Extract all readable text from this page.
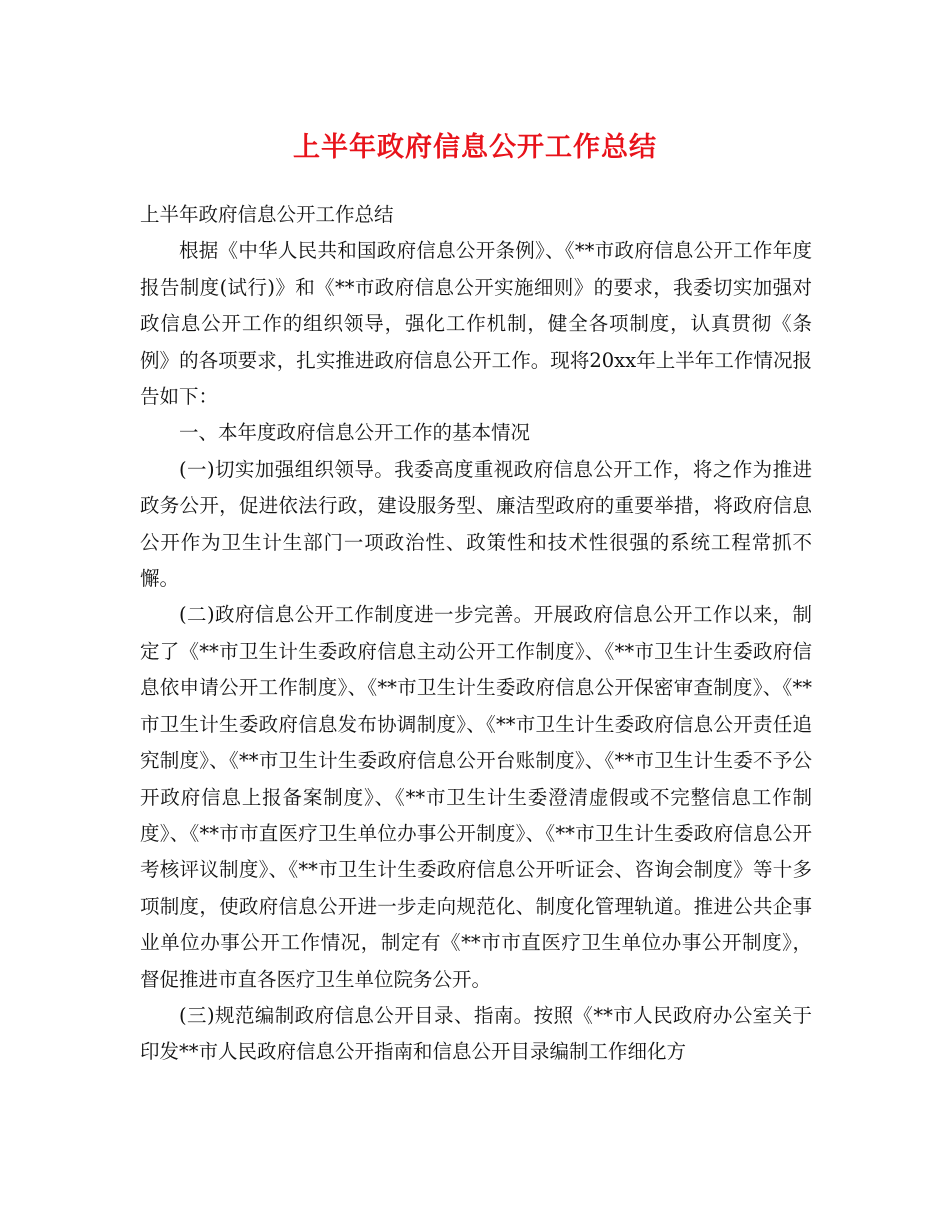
上半年政府信息公开工作总结

上半年政府信息公开工作总结

根据《中华人民共和国政府信息公开条例》、《**市政府信息公开工作年度报告制度(试行)》和《**市政府信息公开实施细则》的要求，我委切实加强对政信息公开工作的组织领导，强化工作机制，健全各项制度，认真贯彻《条例》的各项要求，扎实推进政府信息公开工作。现将20xx年上半年工作情况报告如下：

一、本年度政府信息公开工作的基本情况

(一)切实加强组织领导。我委高度重视政府信息公开工作，将之作为推进政务公开，促进依法行政，建设服务型、廉洁型政府的重要举措，将政府信息公开作为卫生计生部门一项政治性、政策性和技术性很强的系统工程常抓不懈。

(二)政府信息公开工作制度进一步完善。开展政府信息公开工作以来，制定了《**市卫生计生委政府信息主动公开工作制度》、《**市卫生计生委政府信息依申请公开工作制度》、《**市卫生计生委政府信息公开保密审查制度》、《**市卫生计生委政府信息发布协调制度》、《**市卫生计生委政府信息公开责任追究制度》、《**市卫生计生委政府信息公开台账制度》、《**市卫生计生委不予公开政府信息上报备案制度》、《**市卫生计生委澄清虚假或不完整信息工作制度》、《**市市直医疗卫生单位办事公开制度》、《**市卫生计生委政府信息公开考核评议制度》、《**市卫生计生委政府信息公开听证会、咨询会制度》等十多项制度，使政府信息公开进一步走向规范化、制度化管理轨道。推进公共企事业单位办事公开工作情况，制定有《**市市直医疗卫生单位办事公开制度》，督促推进市直各医疗卫生单位院务公开。

(三)规范编制政府信息公开目录、指南。按照《**市人民政府办公室关于印发**市人民政府信息公开指南和信息公开目录编制工作细化方
